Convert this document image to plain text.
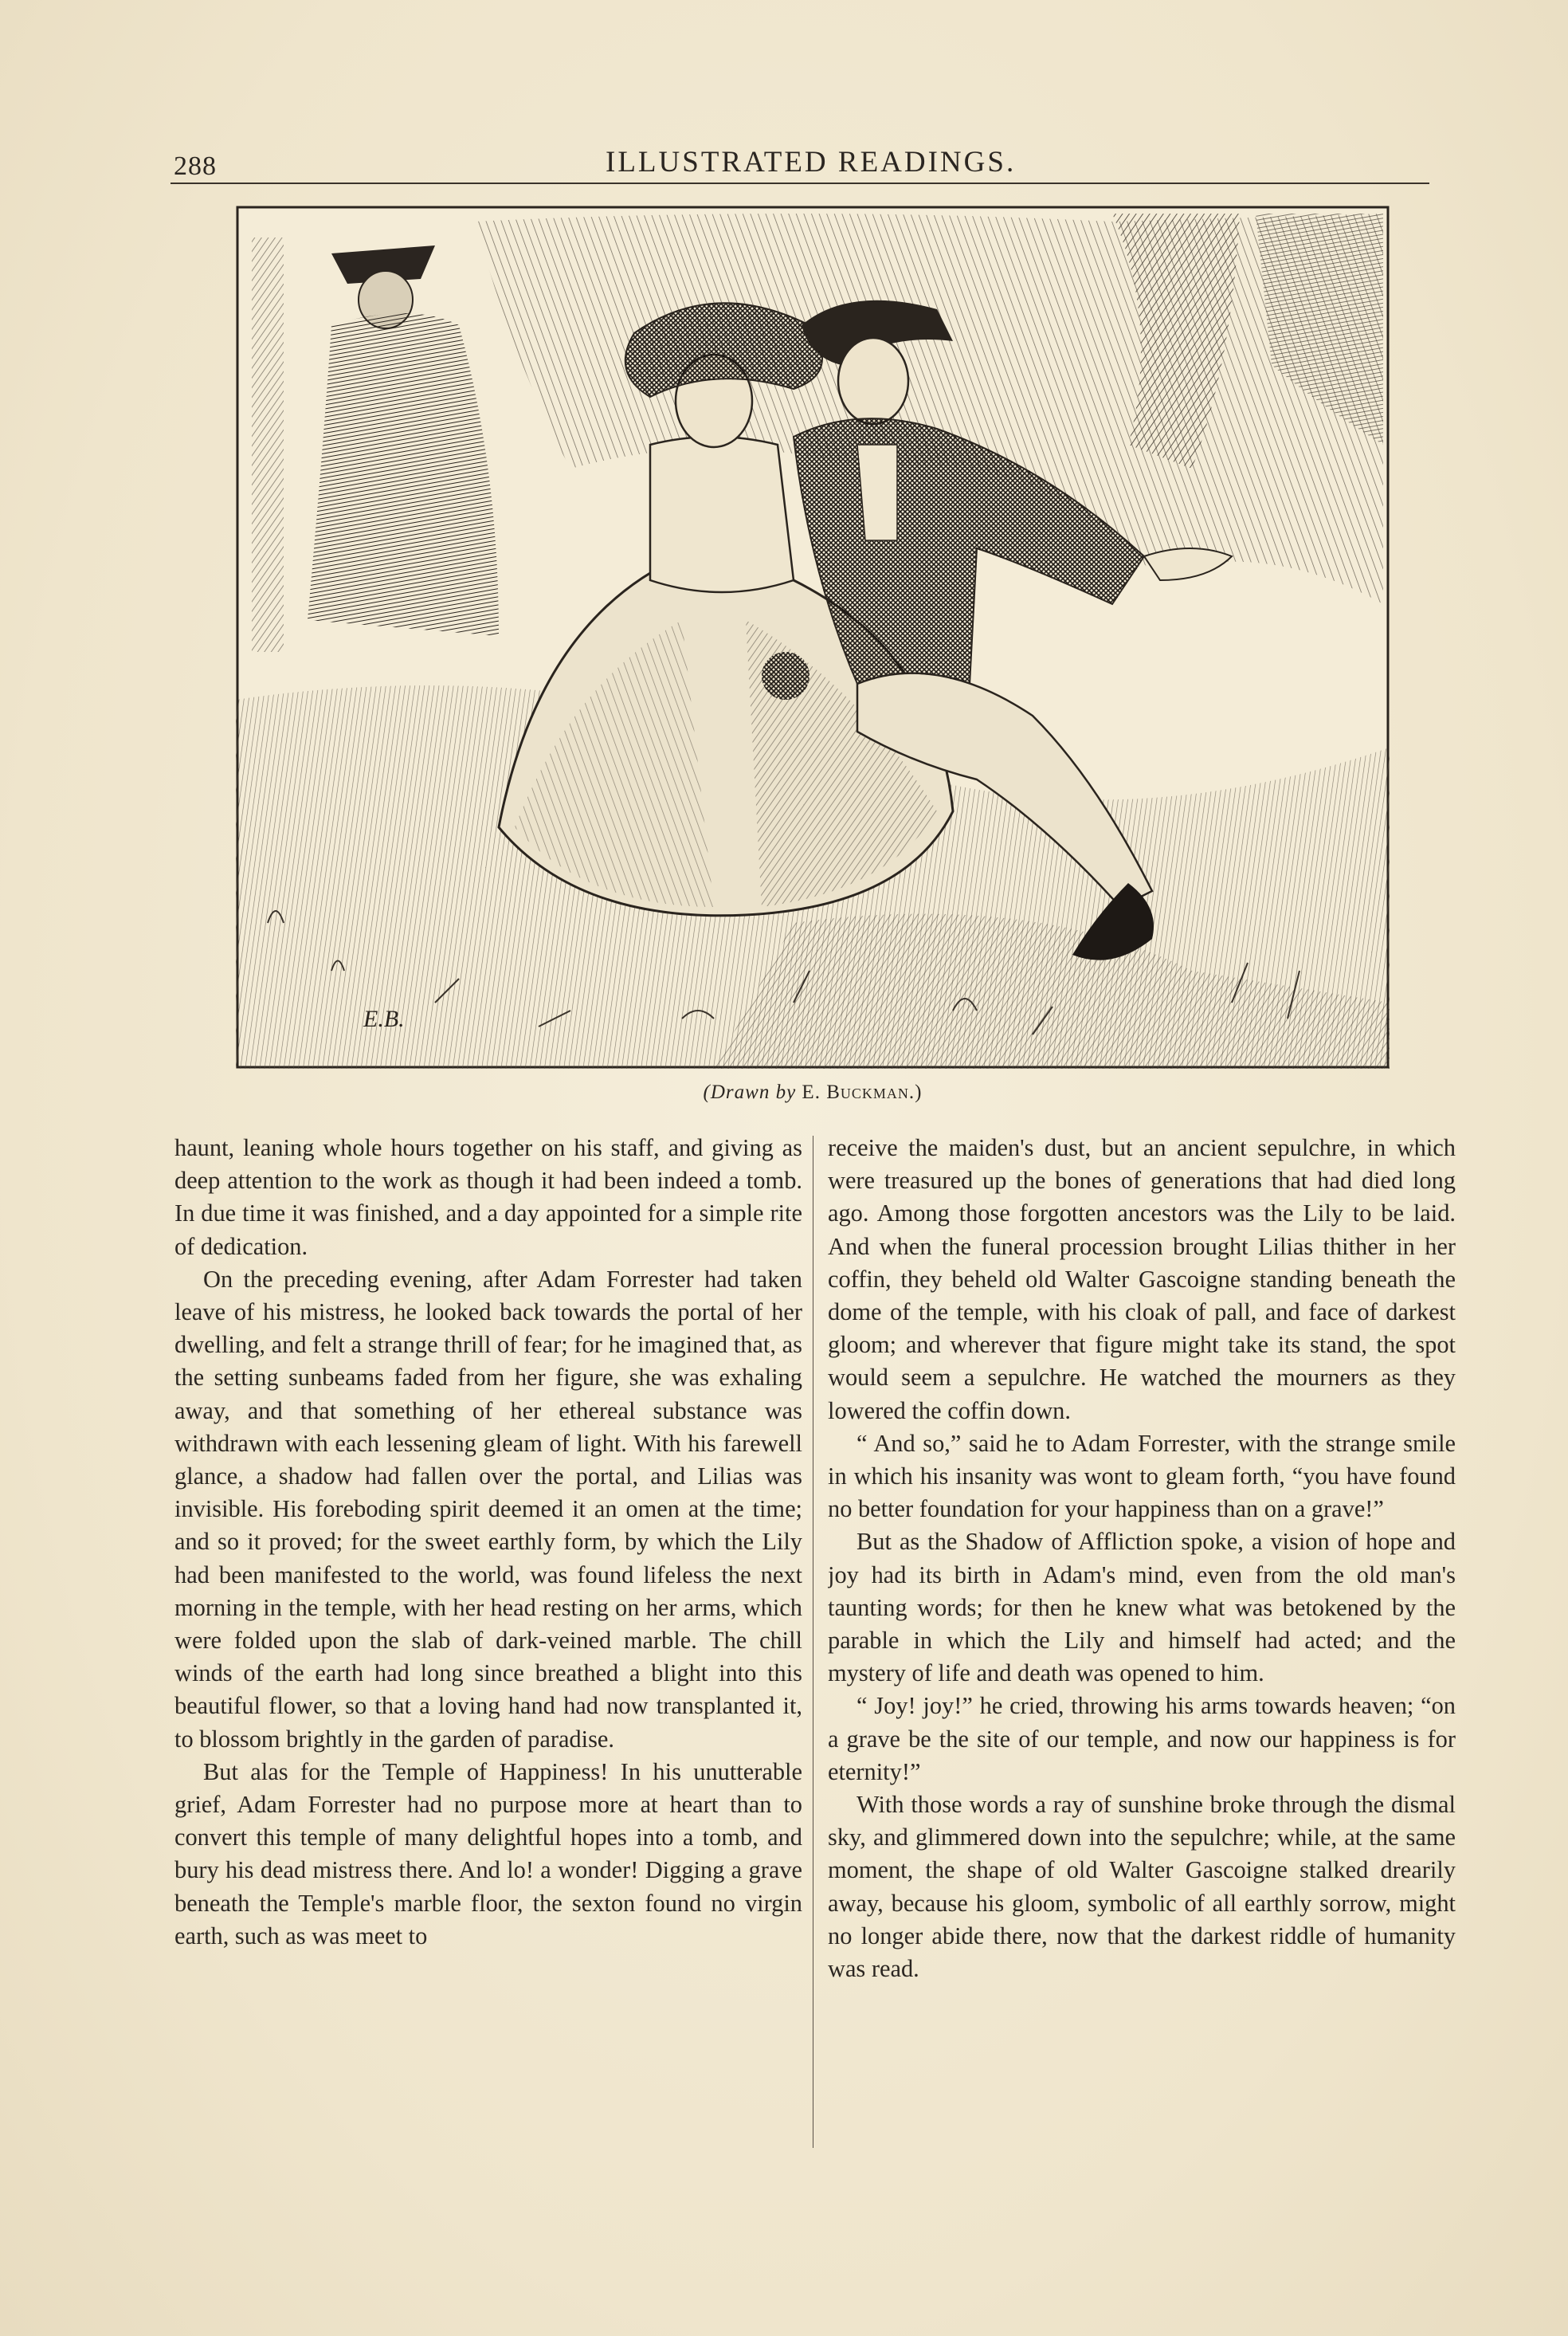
288	ILLUSTRATED READINGS.
E.B.
(Drawn by E. Buckman.)

haunt, leaning whole hours together on his staff, and giving as deep attention to the work as though it had been indeed a tomb. In due time it was finished, and a day appointed for a simple rite of dedication.

On the preceding evening, after Adam Forrester had taken leave of his mistress, he looked back towards the portal of her dwelling, and felt a strange thrill of fear; for he imagined that, as the setting sunbeams faded from her figure, she was exhaling away, and that something of her ethereal substance was withdrawn with each lessening gleam of light. With his farewell glance, a shadow had fallen over the portal, and Lilias was invisible. His foreboding spirit deemed it an omen at the time; and so it proved; for the sweet earthly form, by which the Lily had been manifested to the world, was found lifeless the next morning in the temple, with her head resting on her arms, which were folded upon the slab of dark-veined marble. The chill winds of the earth had long since breathed a blight into this beautiful flower, so that a loving hand had now transplanted it, to blossom brightly in the garden of paradise.

But alas for the Temple of Happiness! In his unutterable grief, Adam Forrester had no purpose more at heart than to convert this temple of many delightful hopes into a tomb, and bury his dead mistress there. And lo! a wonder! Digging a grave beneath the Temple's marble floor, the sexton found no virgin earth, such as was meet to

receive the maiden's dust, but an ancient sepulchre, in which were treasured up the bones of generations that had died long ago. Among those forgotten ancestors was the Lily to be laid. And when the funeral procession brought Lilias thither in her coffin, they beheld old Walter Gascoigne standing beneath the dome of the temple, with his cloak of pall, and face of darkest gloom; and wherever that figure might take its stand, the spot would seem a sepulchre. He watched the mourners as they lowered the coffin down.

“ And so,” said he to Adam Forrester, with the strange smile in which his insanity was wont to gleam forth, “you have found no better foundation for your happiness than on a grave!”

But as the Shadow of Affliction spoke, a vision of hope and joy had its birth in Adam's mind, even from the old man's taunting words; for then he knew what was betokened by the parable in which the Lily and himself had acted; and the mystery of life and death was opened to him.

“ Joy! joy!” he cried, throwing his arms towards heaven; “on a grave be the site of our temple, and now our happiness is for eternity!”

With those words a ray of sunshine broke through the dismal sky, and glimmered down into the sepulchre; while, at the same moment, the shape of old Walter Gascoigne stalked drearily away, because his gloom, symbolic of all earthly sorrow, might no longer abide there, now that the darkest riddle of humanity was read.
